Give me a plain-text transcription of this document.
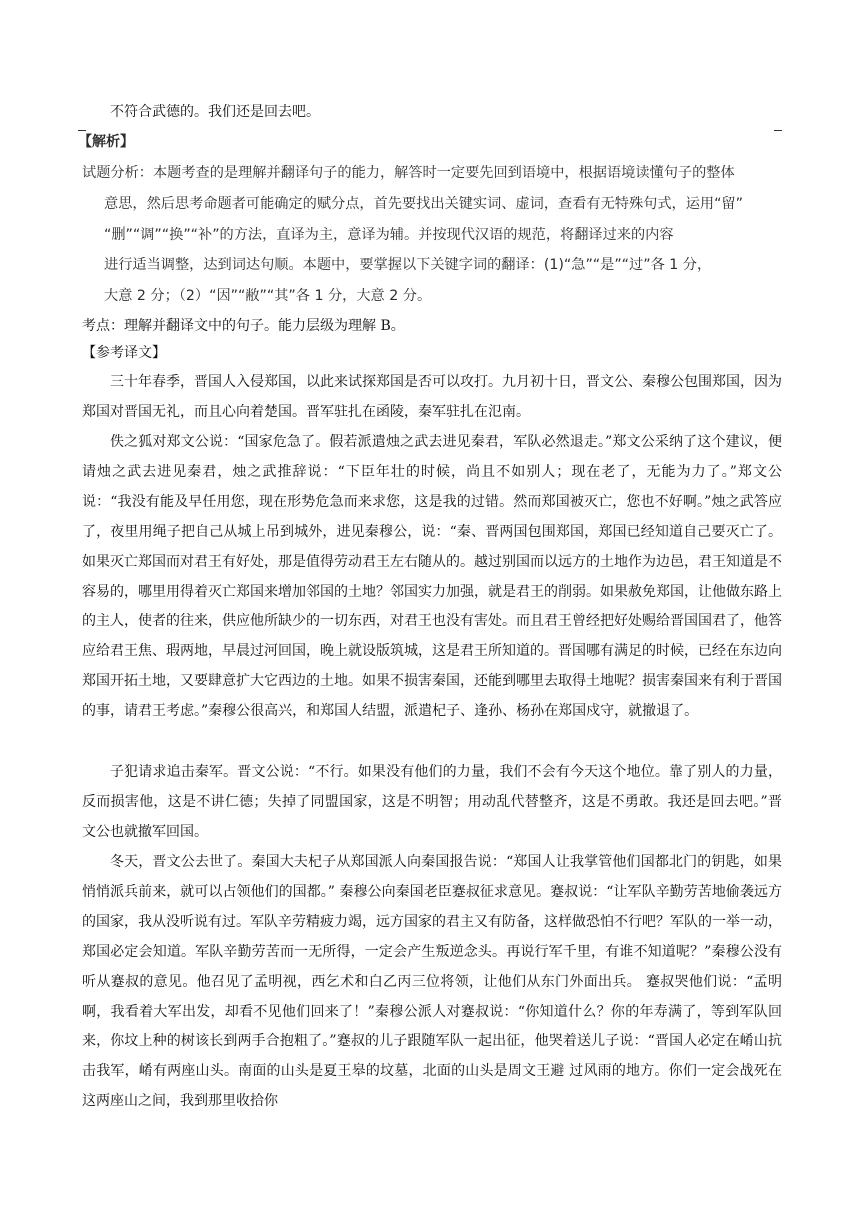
不符合武德的。我们还是回去吧。

【解析】

试题分析：本题考查的是理解并翻译句子的能力，解答时一定要先回到语境中，根据语境读懂句子的整体

意思，然后思考命题者可能确定的赋分点，首先要找出关键实词、虚词，查看有无特殊句式，运用“留”

“删”“调”“换”“补”的方法，直译为主，意译为辅。并按现代汉语的规范，将翻译过来的内容

进行适当调整，达到词达句顺。本题中，要掌握以下关键字词的翻译：(1)“急”“是”“过”各 1 分，

大意 2 分；（2）“因”“敝”“其”各 1 分，大意 2 分。

考点：理解并翻译文中的句子。能力层级为理解 B。
【参考译文】

三十年春季，晋国人入侵郑国，以此来试探郑国是否可以攻打。九月初十日，晋文公、秦穆公包围郑国，因为郑国对晋国无礼，而且心向着楚国。晋军驻扎在函陵，秦军驻扎在氾南。

佚之狐对郑文公说：“国家危急了。假若派遣烛之武去进见秦君，军队必然退走。”郑文公采纳了这个建议，便请烛之武去进见秦君，烛之武推辞说：“下臣年壮的时候，尚且不如别人；现在老了，无能为力了。”郑文公说：“我没有能及早任用您，现在形势危急而来求您，这是我的过错。然而郑国被灭亡，您也不好啊。”烛之武答应了，夜里用绳子把自己从城上吊到城外，进见秦穆公，说：“秦、晋两国包围郑国，郑国已经知道自己要灭亡了。如果灭亡郑国而对君王有好处，那是值得劳动君王左右随从的。越过别国而以远方的土地作为边邑，君王知道是不容易的，哪里用得着灭亡郑国来增加邻国的土地？邻国实力加强，就是君王的削弱。如果赦免郑国，让他做东路上的主人，使者的往来，供应他所缺少的一切东西，对君王也没有害处。而且君王曾经把好处赐给晋国国君了，他答应给君王焦、瑕两地，早晨过河回国，晚上就设版筑城，这是君王所知道的。晋国哪有满足的时候，已经在东边向郑国开拓土地，又要肆意扩大它西边的土地。如果不损害秦国，还能到哪里去取得土地呢？损害秦国来有利于晋国的事，请君王考虑。”秦穆公很高兴，和郑国人结盟，派遣杞子、逢孙、杨孙在郑国戍守，就撤退了。

子犯请求追击秦军。晋文公说：“不行。如果没有他们的力量，我们不会有今天这个地位。靠了别人的力量，反而损害他，这是不讲仁德；失掉了同盟国家，这是不明智；用动乱代替整齐，这是不勇敢。我还是回去吧。”晋文公也就撤军回国。

冬天，晋文公去世了。秦国大夫杞子从郑国派人向秦国报告说：“郑国人让我掌管他们国都北门的钥匙，如果悄悄派兵前来，就可以占领他们的国都。” 秦穆公向秦国老臣蹇叔征求意见。蹇叔说：“让军队辛勤劳苦地偷袭远方的国家，我从没听说有过。军队辛劳精疲力竭，远方国家的君主又有防备，这样做恐怕不行吧？军队的一举一动，郑国必定会知道。军队辛勤劳苦而一无所得，一定会产生叛逆念头。再说行军千里，有谁不知道呢？”秦穆公没有听从蹇叔的意见。他召见了孟明视，西乞术和白乙丙三位将领，让他们从东门外面出兵。 蹇叔哭他们说：“孟明啊，我看着大军出发，却看不见他们回来了！”秦穆公派人对蹇叔说：“你知道什么？你的年寿满了，等到军队回 来，你坟上种的树该长到两手合抱粗了。”蹇叔的儿子跟随军队一起出征，他哭着送儿子说：“晋国人必定在崤山抗击我军，崤有两座山头。南面的山头是夏王皋的坟墓，北面的山头是周文王避 过风雨的地方。你们一定会战死在这两座山之间，我到那里收拾你
